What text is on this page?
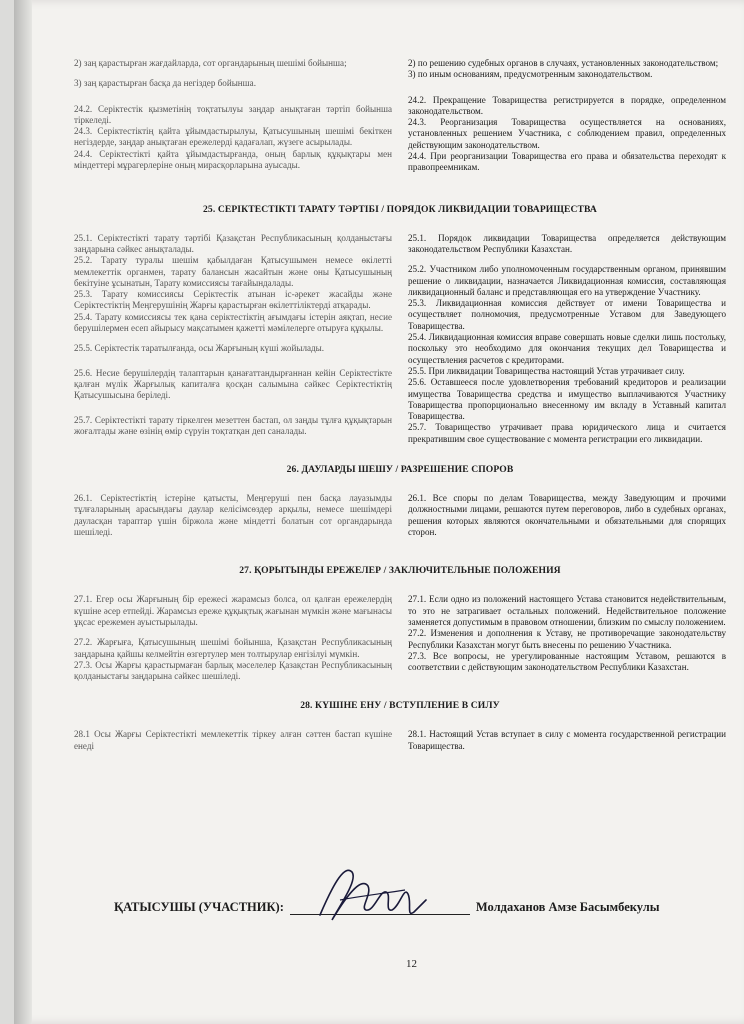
2) заң қарастырған жағдайларда, сот органдарының шешімі бойынша;

3) заң қарастырған басқа да негіздер бойынша.

24.2. Серіктестік қызметінің тоқтатылуы заңдар анықтаған тәртіп бойынша тіркеледі.

24.3. Серіктестіктің қайта ұйымдастырылуы, Қатысушының шешімі бекіткен негіздерде, заңдар анықтаған ережелерді қадағалап, жүзеге асырылады.

24.4. Серіктестікті қайта ұйымдастырғанда, оның барлық құқықтары мен міндеттері мұрагерлеріне оның мирасқорларына ауысады.

2) по решению судебных органов в случаях, установленных законодательством;

3) по иным основаниям, предусмотренным законодательством.

24.2. Прекращение Товарищества регистрируется в порядке, определенном законодательством.

24.3. Реорганизация Товарищества осуществляется на основаниях, установленных решением Участника, с соблюдением правил, определенных действующим законодательством.

24.4. При реорганизации Товарищества его права и обязательства переходят к правопреемникам.

25. СЕРІКТЕСТІКТІ ТАРАТУ ТӘРТІБІ / ПОРЯДОК ЛИКВИДАЦИИ ТОВАРИЩЕСТВА

25.1. Серіктестікті тарату тәртібі Қазақстан Республикасының қолданыстағы заңдарына сәйкес анықталады.

25.2. Тарату туралы шешім қабылдаған Қатысушымен немесе өкілетті мемлекеттік органмен, тарату балансын жасайтын және оны Қатысушының бекітуіне ұсынатын, Тарату комиссиясы тағайындалады.

25.3. Тарату комиссиясы Серіктестік атынан іс-әрекет жасайды және Серіктестіктің Меңгерушінің Жарғы қарастырған өкілеттіліктерді атқарады.

25.4. Тарату комиссиясы тек қана серіктестіктің ағымдағы істерін аяқтап, несие берушілермен есеп айырысу мақсатымен қажетті мәмілелерге отыруға құқылы.

25.5. Серіктестік таратылғанда, осы Жарғының күші жойылады.

25.6. Несие берушілердің талаптарын қанағаттандырғаннан кейін Серіктестікте қалған мүлік Жарғылық капиталға қосқан салымына сәйкес Серіктестіктің Қатысушысына беріледі.

25.7. Серіктестікті тарату тіркелген мезеттен бастап, ол заңды тұлға құқықтарын жоғалтады және өзінің өмір сүруін тоқтатқан деп саналады.

25.1. Порядок ликвидации Товарищества определяется действующим законодательством Республики Казахстан.

25.2. Участником либо уполномоченным государственным органом, принявшим решение о ликвидации, назначается Ликвидационная комиссия, составляющая ликвидационный баланс и представляющая его на утверждение Участнику.

25.3. Ликвидационная комиссия действует от имени Товарищества и осуществляет полномочия, предусмотренные Уставом для Заведующего Товарищества.

25.4. Ликвидационная комиссия вправе совершать новые сделки лишь постольку, поскольку это необходимо для окончания текущих дел Товарищества и осуществления расчетов с кредиторами.

25.5. При ликвидации Товарищества настоящий Устав утрачивает силу.

25.6. Оставшееся после удовлетворения требований кредиторов и реализации имущества Товарищества средства и имущество выплачиваются Участнику Товарищества пропорционально внесенному им вкладу в Уставный капитал Товарищества.

25.7. Товарищество утрачивает права юридического лица и считается прекратившим свое существование с момента регистрации его ликвидации.

26. ДАУЛАРДЫ ШЕШУ / РАЗРЕШЕНИЕ СПОРОВ

26.1. Серіктестіктің істеріне қатысты, Меңгеруші пен басқа лауазымды тұлғаларының арасындағы даулар келісімсөздер арқылы, немесе шешімдері дауласқан тараптар үшін біржола және міндетті болатын сот органдарында шешіледі.

26.1. Все споры по делам Товарищества, между Заведующим и прочими должностными лицами, решаются путем переговоров, либо в судебных органах, решения которых являются окончательными и обязательными для спорящих сторон.

27. ҚОРЫТЫНДЫ ЕРЕЖЕЛЕР / ЗАКЛЮЧИТЕЛЬНЫЕ ПОЛОЖЕНИЯ

27.1. Егер осы Жарғының бір ережесі жарамсыз болса, ол қалған ережелердің күшіне әсер етпейді. Жарамсыз ереже құқықтық жағынан мүмкін және мағынасы ұқсас ережемен ауыстырылады.

27.2. Жарғыға, Қатысушының шешімі бойынша, Қазақстан Республикасының заңдарына қайшы келмейтін өзгертулер мен толтырулар енгізілуі мүмкін.

27.3. Осы Жарғы қарастырмаған барлық мәселелер Қазақстан Республикасының қолданыстағы заңдарына сәйкес шешіледі.

27.1. Если одно из положений настоящего Устава становится недействительным, то это не затрагивает остальных положений. Недействительное положение заменяется допустимым в правовом отношении, близким по смыслу положением.

27.2. Изменения и дополнения к Уставу, не противоречащие законодательству Республики Казахстан могут быть внесены по решению Участника.

27.3. Все вопросы, не урегулированные настоящим Уставом, решаются в соответствии с действующим законодательством Республики Казахстан.

28. КҮШІНЕ ЕНУ / ВСТУПЛЕНИЕ В СИЛУ

28.1 Осы Жарғы Серіктестікті мемлекеттік тіркеу алған сәттен бастап күшіне енеді

28.1. Настоящий Устав вступает в силу с момента государственной регистрации Товарищества.

ҚАТЫСУШЫ (УЧАСТНИК):	Молдаханов Амзе Басымбекулы
12
